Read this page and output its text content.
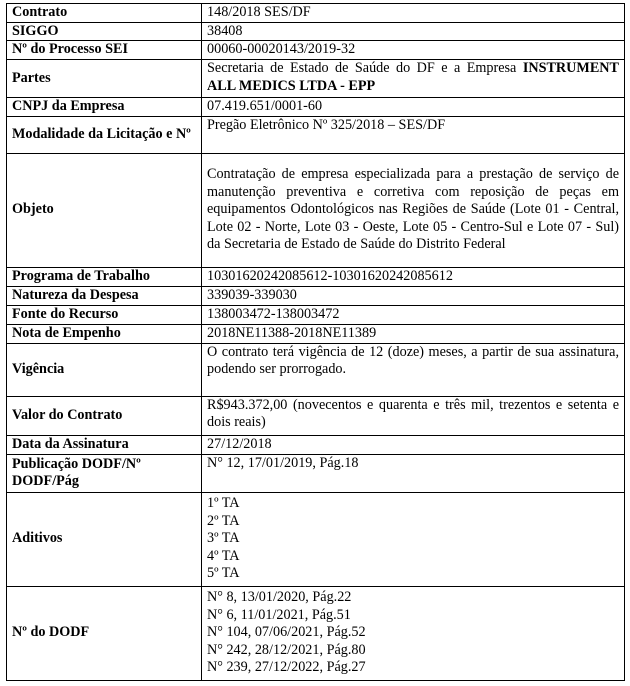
Contrato	148/2018 SES/DF
SIGGO	38408
Nº do Processo SEI	00060-00020143/2019-32
Partes	Secretaria de Estado de Saúde do DF e a Empresa INSTRUMENT ALL MEDICS LTDA - EPP
CNPJ da Empresa	07.419.651/0001-60
Modalidade da Licitação e Nº	Pregão Eletrônico Nº 325/2018 – SES/DF
Objeto	Contratação de empresa especializada para a prestação de serviço de manutenção preventiva e corretiva com reposição de peças em equipamentos Odontológicos nas Regiões de Saúde (Lote 01 - Central, Lote 02 - Norte, Lote 03 - Oeste, Lote 05 - Centro-Sul e Lote 07 - Sul) da Secretaria de Estado de Saúde do Distrito Federal
Programa de Trabalho	10301620242085612-10301620242085612
Natureza da Despesa	339039-339030
Fonte do Recurso	138003472-138003472
Nota de Empenho	2018NE11388-2018NE11389
Vigência	O contrato terá vigência de 12 (doze) meses, a partir de sua assinatura, podendo ser prorrogado.
Valor do Contrato	R$943.372,00 (novecentos e quarenta e três mil, trezentos e setenta e dois reais)
Data da Assinatura	27/12/2018
Publicação DODF/Nº DODF/Pág	N° 12, 17/01/2019, Pág.18
Aditivos	1º TA
2º TA
3º TA
4º TA
5º TA

Nº do DODF	N° 8, 13/01/2020, Pág.22
N° 6, 11/01/2021, Pág.51
N° 104, 07/06/2021, Pág.52
N° 242, 28/12/2021, Pág.80
N° 239, 27/12/2022, Pág.27
